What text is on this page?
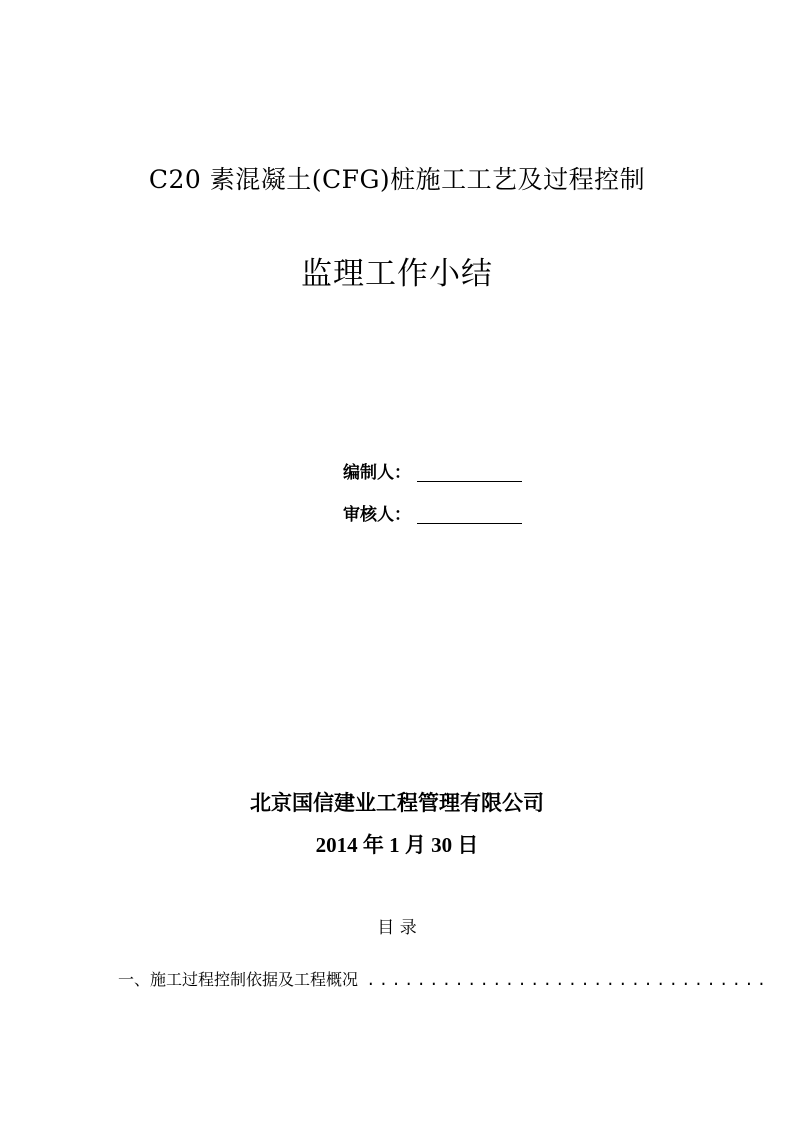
C20 素混凝土(CFG)桩施工工艺及过程控制
监理工作小结
编制人：
审核人：
北京国信建业工程管理有限公司
2014 年 1 月 30 日
目 录
一、施工过程控制依据及工程概况 ................................
